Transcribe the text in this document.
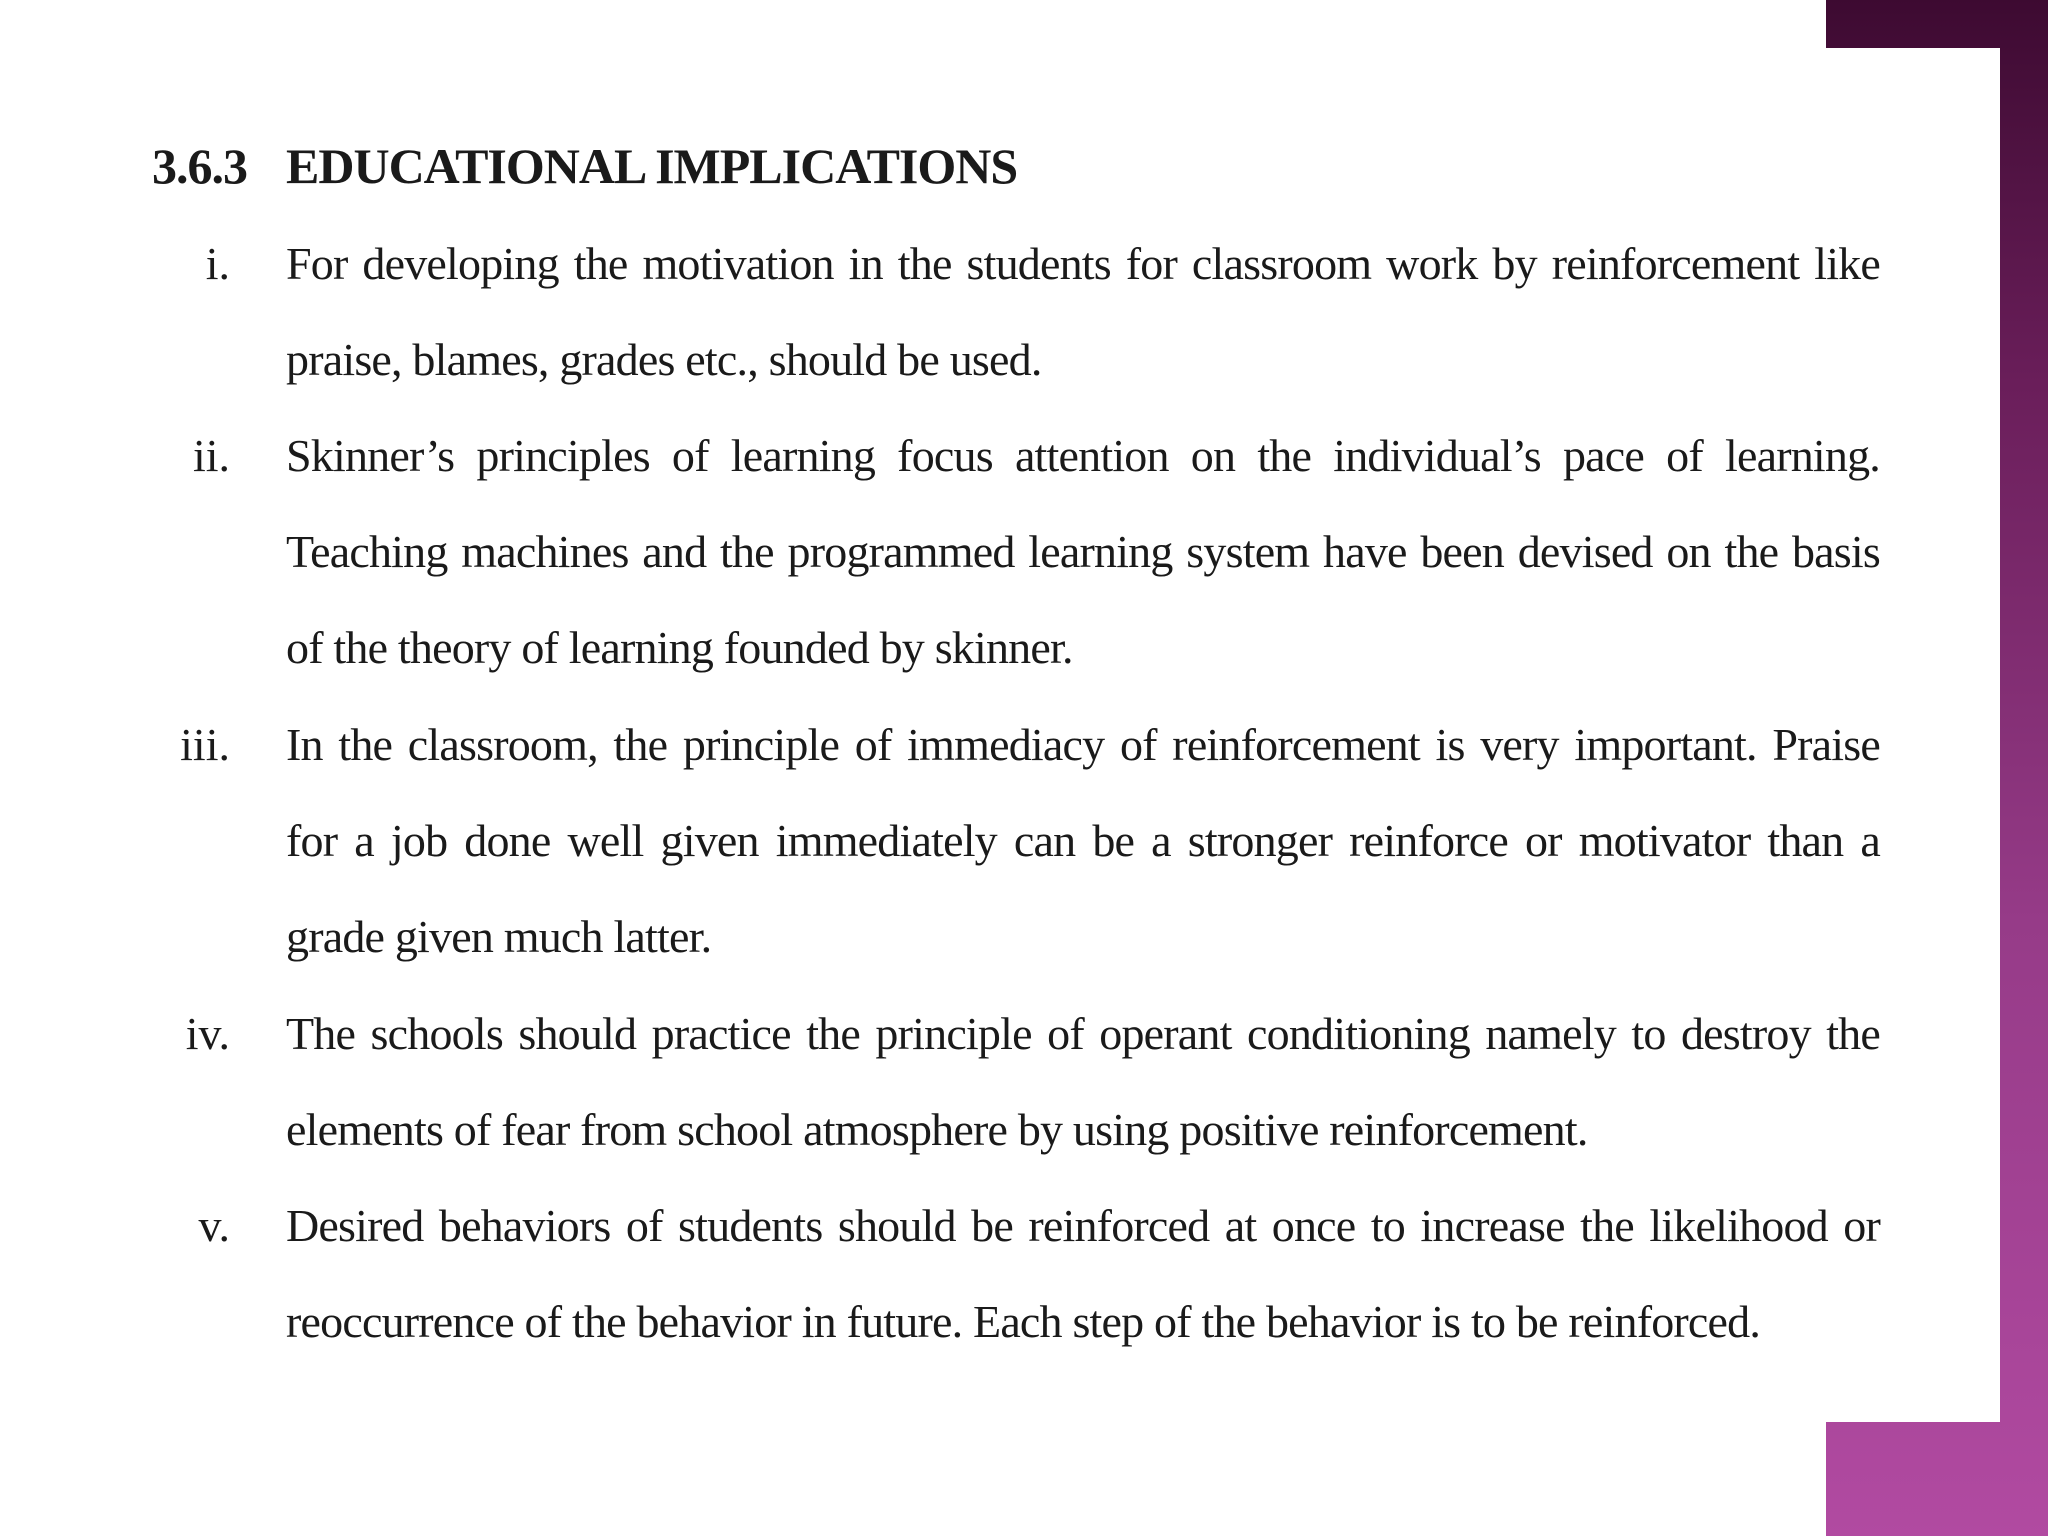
3.6.3 EDUCATIONAL IMPLICATIONS
i. For developing the motivation in the students for classroom work by reinforcement like praise, blames, grades etc., should be used.
ii. Skinner’s principles of learning focus attention on the individual’s pace of learning. Teaching machines and the programmed learning system have been devised on the basis of the theory of learning founded by skinner.
iii. In the classroom, the principle of immediacy of reinforcement is very important. Praise for a job done well given immediately can be a stronger reinforce or motivator than a grade given much latter.
iv. The schools should practice the principle of operant conditioning namely to destroy the elements of fear from school atmosphere by using positive reinforcement.
v. Desired behaviors of students should be reinforced at once to increase the likelihood or reoccurrence of the behavior in future. Each step of the behavior is to be reinforced.
